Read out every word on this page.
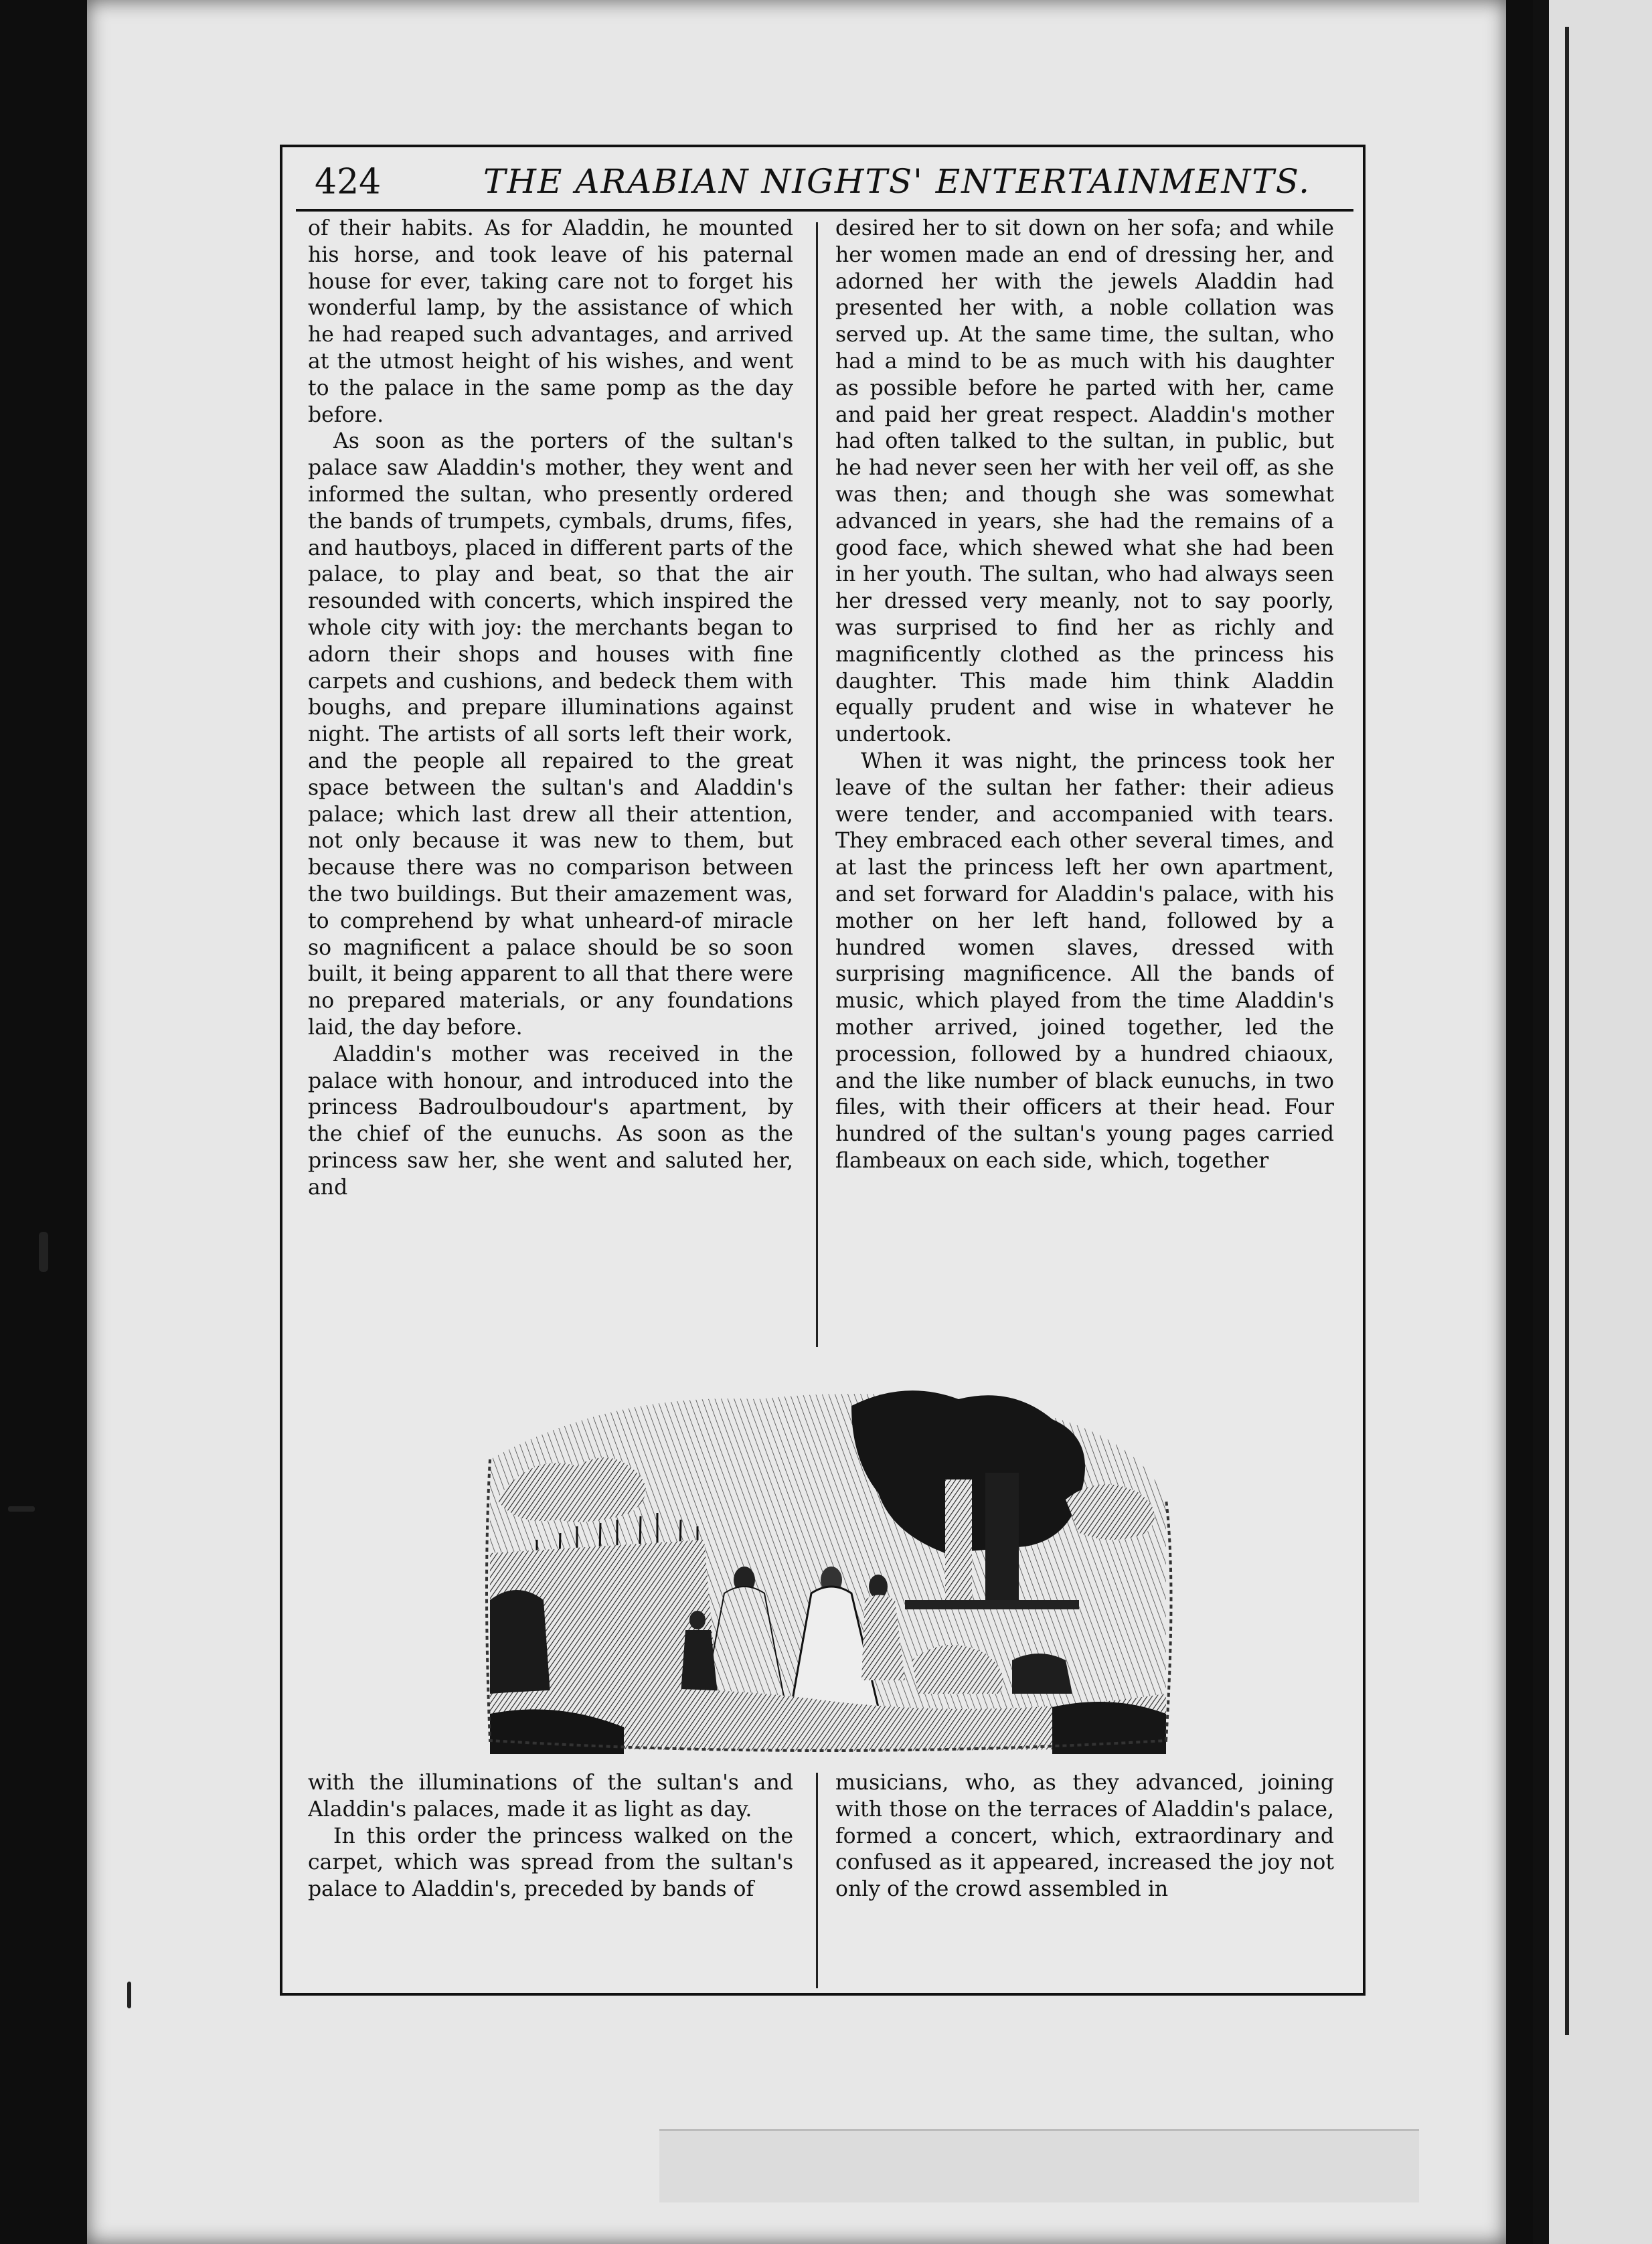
424	THE ARABIAN NIGHTS' ENTERTAINMENTS.

of their habits. As for Aladdin, he mounted his horse, and took leave of his paternal house for ever, taking care not to forget his wonderful lamp, by the assistance of which he had reaped such advantages, and arrived at the utmost height of his wishes, and went to the palace in the same pomp as the day before.

As soon as the porters of the sultan's palace saw Aladdin's mother, they went and informed the sultan, who presently ordered the bands of trumpets, cymbals, drums, fifes, and hautboys, placed in different parts of the palace, to play and beat, so that the air resounded with concerts, which inspired the whole city with joy: the merchants began to adorn their shops and houses with fine carpets and cushions, and bedeck them with boughs, and prepare illuminations against night. The artists of all sorts left their work, and the people all repaired to the great space between the sultan's and Aladdin's palace; which last drew all their attention, not only because it was new to them, but because there was no comparison between the two buildings. But their amazement was, to comprehend by what unheard-of miracle so magnificent a palace should be so soon built, it being apparent to all that there were no prepared materials, or any foundations laid, the day before.

Aladdin's mother was received in the palace with honour, and introduced into the princess Badroulboudour's apartment, by the chief of the eunuchs. As soon as the princess saw her, she went and saluted her, and

desired her to sit down on her sofa; and while her women made an end of dressing her, and adorned her with the jewels Aladdin had presented her with, a noble collation was served up. At the same time, the sultan, who had a mind to be as much with his daughter as possible before he parted with her, came and paid her great respect. Aladdin's mother had often talked to the sultan, in public, but he had never seen her with her veil off, as she was then; and though she was somewhat advanced in years, she had the remains of a good face, which shewed what she had been in her youth. The sultan, who had always seen her dressed very meanly, not to say poorly, was surprised to find her as richly and magnificently clothed as the princess his daughter. This made him think Aladdin equally prudent and wise in whatever he undertook.

When it was night, the princess took her leave of the sultan her father: their adieus were tender, and accompanied with tears. They embraced each other several times, and at last the princess left her own apartment, and set forward for Aladdin's palace, with his mother on her left hand, followed by a hundred women slaves, dressed with surprising magnificence. All the bands of music, which played from the time Aladdin's mother arrived, joined together, led the procession, followed by a hundred chiaoux, and the like number of black eunuchs, in two files, with their officers at their head. Four hundred of the sultan's young pages carried flambeaux on each side, which, together

with the illuminations of the sultan's and Aladdin's palaces, made it as light as day.

In this order the princess walked on the carpet, which was spread from the sultan's palace to Aladdin's, preceded by bands of

musicians, who, as they advanced, joining with those on the terraces of Aladdin's palace, formed a concert, which, extraordinary and confused as it appeared, increased the joy not only of the crowd assembled in
